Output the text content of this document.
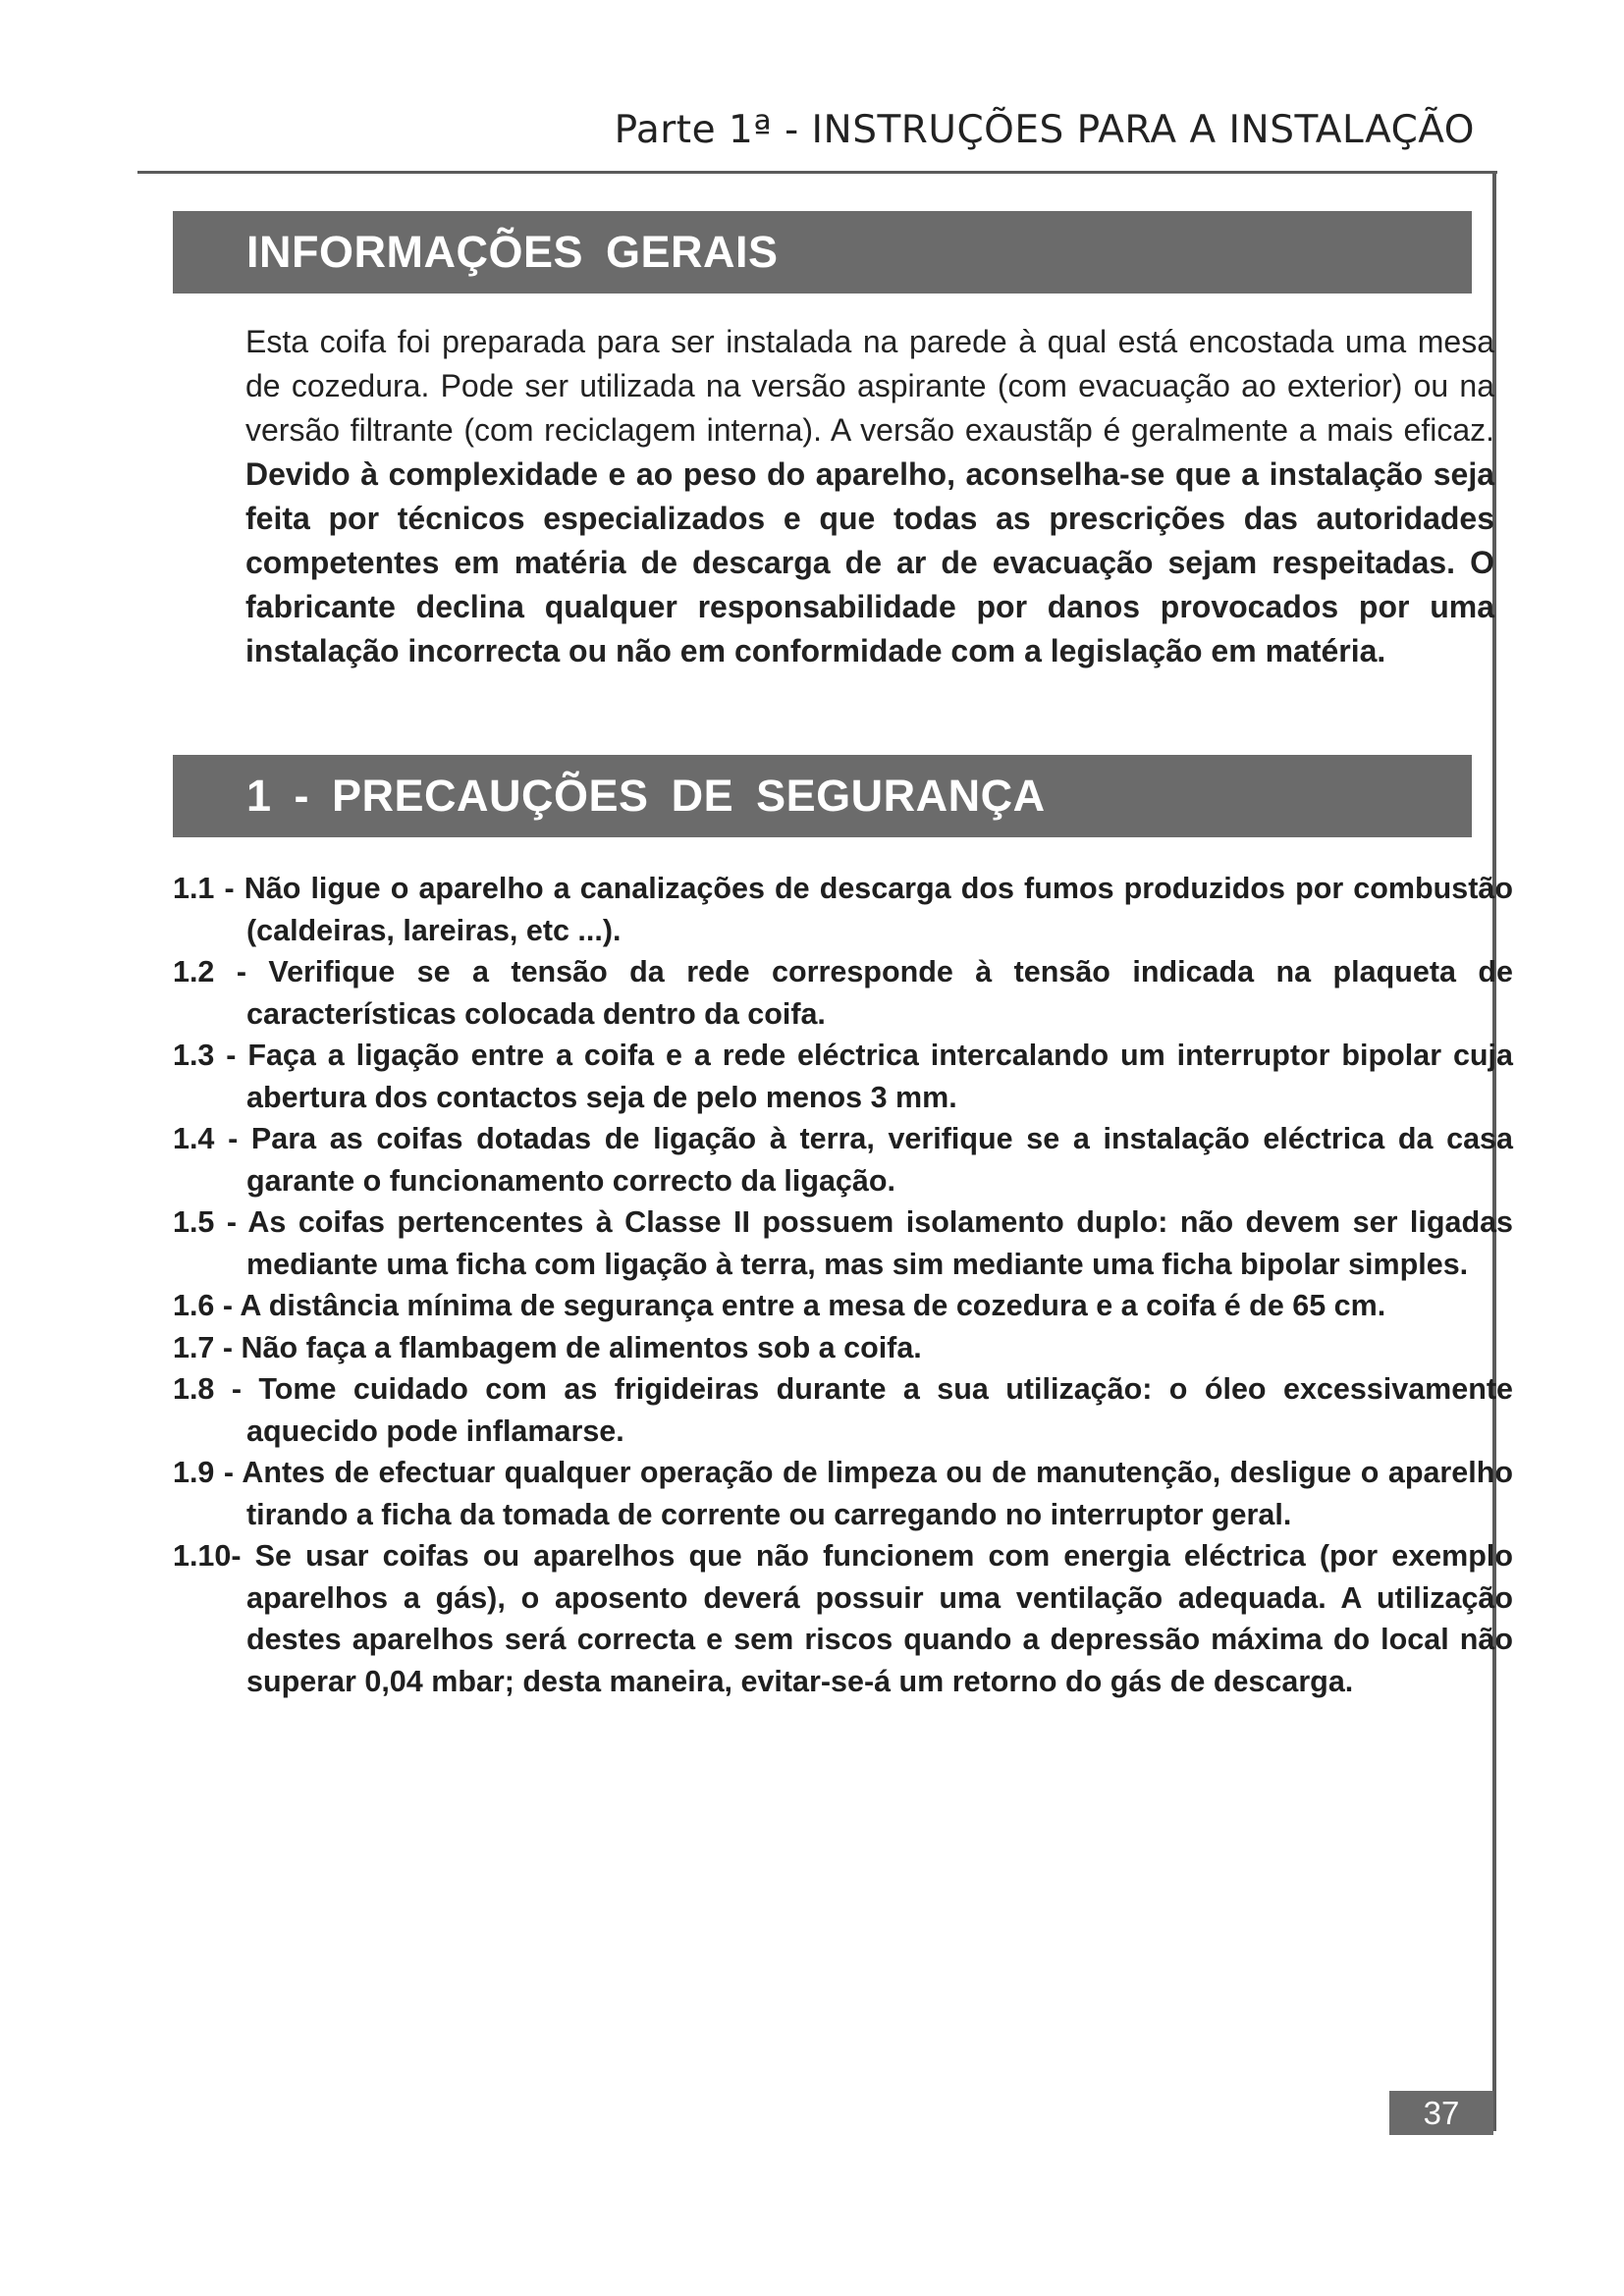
Parte 1ª - INSTRUÇÕES PARA A INSTALAÇÃO
INFORMAÇÕES GERAIS
Esta coifa foi preparada para ser instalada na parede à qual está encostada uma mesa de cozedura. Pode ser utilizada na versão aspirante (com evacuação ao exterior) ou na versão filtrante (com reciclagem interna). A versão exaustãp é geralmente a mais eficaz. Devido à complexidade e ao peso do aparelho, aconselha-se que a instalação seja feita por técnicos especializados e que todas as prescrições das autoridades competentes em matéria de descarga de ar de evacuação sejam respeitadas. O fabricante declina qualquer responsabilidade por danos provocados por uma instalação incorrecta ou não em conformidade com a legislação em matéria.
1 - PRECAUÇÕES DE SEGURANÇA
1.1 - Não ligue o aparelho a canalizações de descarga dos fumos produzidos por combustão (caldeiras, lareiras, etc ...).
1.2 - Verifique se a tensão da rede corresponde à tensão indicada na plaqueta de características colocada dentro da coifa.
1.3 - Faça a ligação entre a coifa e a rede eléctrica intercalando um interruptor bipolar cuja abertura dos contactos seja de pelo menos 3 mm.
1.4 - Para as coifas dotadas de ligação à terra, verifique se a instalação eléctrica da casa garante o funcionamento correcto da ligação.
1.5 - As coifas pertencentes à Classe II possuem isolamento duplo: não devem ser ligadas mediante uma ficha com ligação à terra, mas sim mediante uma ficha bipolar simples.
1.6 - A distância mínima de segurança entre a mesa de cozedura e a coifa é de 65 cm.
1.7 - Não faça a flambagem de alimentos sob a coifa.
1.8 - Tome cuidado com as frigideiras durante a sua utilização: o óleo excessivamente aquecido pode inflamarse.
1.9 - Antes de efectuar qualquer operação de limpeza ou de manutenção, desligue o aparelho tirando a ficha da tomada de corrente ou carregando no interruptor geral.
1.10- Se usar coifas ou aparelhos que não funcionem com energia eléctrica (por exemplo aparelhos a gás), o aposento deverá possuir uma ventilação adequada. A utilização destes aparelhos será correcta e sem riscos quando a depressão máxima do local não superar 0,04 mbar; desta maneira, evitar-se-á um retorno do gás de descarga.
37
